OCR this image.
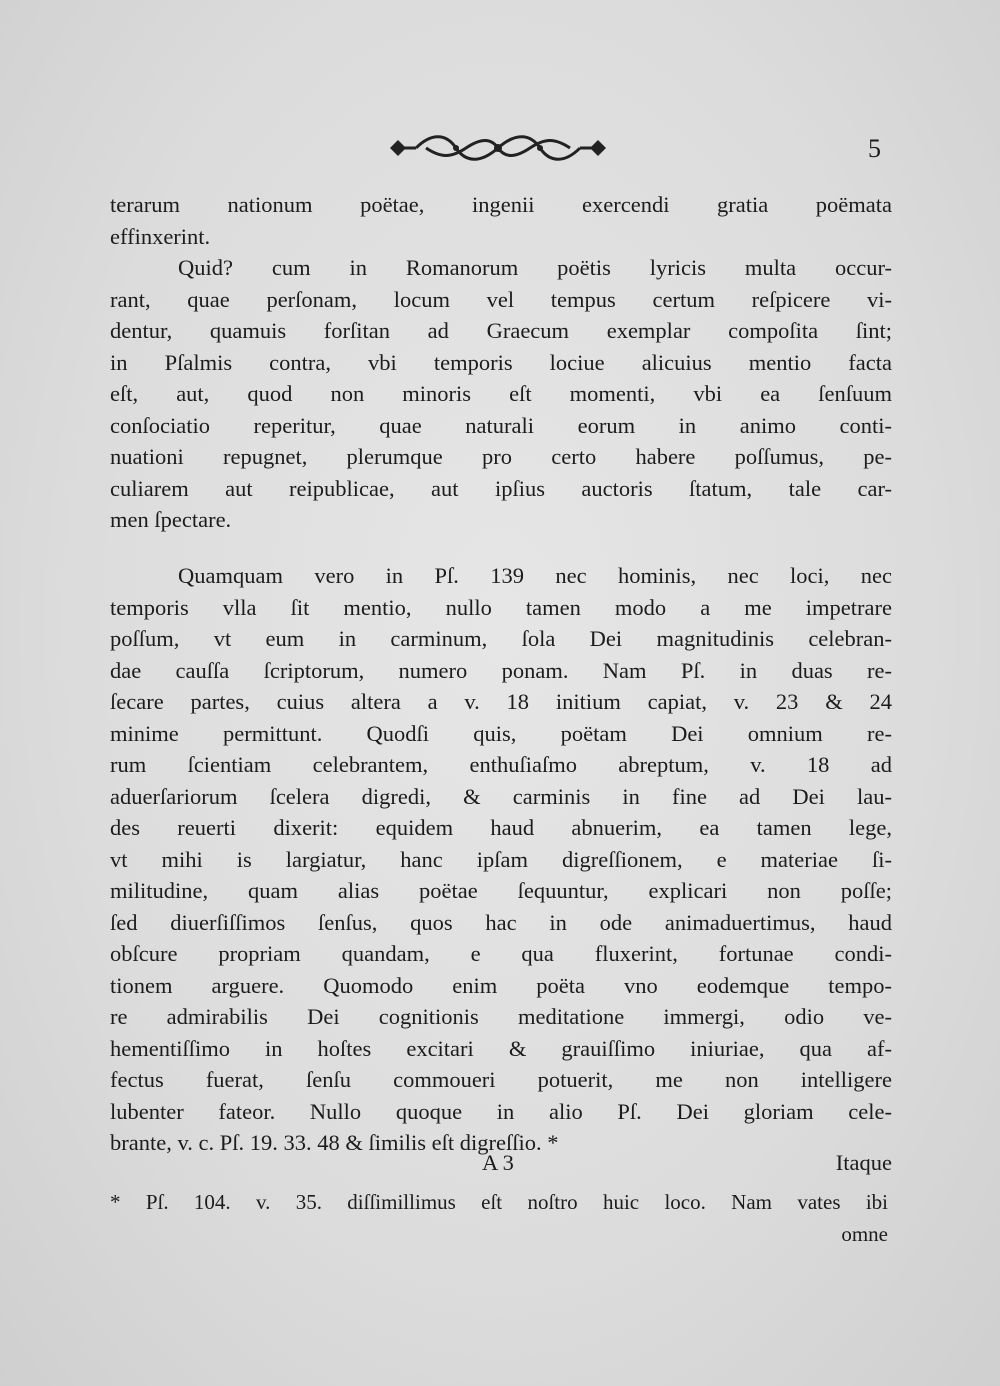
5
terarum nationum poëtae, ingenii exercendi gratia poëmata
effinxerint.
Quid? cum in Romanorum poëtis lyricis multa occur-
rant, quae perſonam, locum vel tempus certum reſpicere vi-
dentur, quamuis forſitan ad Graecum exemplar compoſita ſint;
in Pſalmis contra, vbi temporis lociue alicuius mentio facta
eſt, aut, quod non minoris eſt momenti, vbi ea ſenſuum
conſociatio reperitur, quae naturali eorum in animo conti-
nuationi repugnet, plerumque pro certo habere poſſumus, pe-
culiarem aut reipublicae, aut ipſius auctoris ſtatum, tale car-
men ſpectare.
Quamquam vero in Pſ. 139 nec hominis, nec loci, nec
temporis vlla ſit mentio, nullo tamen modo a me impetrare
poſſum, vt eum in carminum, ſola Dei magnitudinis celebran-
dae cauſſa ſcriptorum, numero ponam. Nam Pſ. in duas re-
ſecare partes, cuius altera a v. 18 initium capiat, v. 23 & 24
minime permittunt. Quodſi quis, poëtam Dei omnium re-
rum ſcientiam celebrantem, enthuſiaſmo abreptum, v. 18 ad
aduerſariorum ſcelera digredi, & carminis in fine ad Dei lau-
des reuerti dixerit: equidem haud abnuerim, ea tamen lege,
vt mihi is largiatur, hanc ipſam digreſſionem, e materiae ſi-
militudine, quam alias poëtae ſequuntur, explicari non poſſe;
ſed diuerſiſſimos ſenſus, quos hac in ode animaduertimus, haud
obſcure propriam quandam, e qua fluxerint, fortunae condi-
tionem arguere. Quomodo enim poëta vno eodemque tempo-
re admirabilis Dei cognitionis meditatione immergi, odio ve-
hementiſſimo in hoſtes excitari & grauiſſimo iniuriae, qua af-
fectus fuerat, ſenſu commoueri potuerit, me non intelligere
lubenter fateor. Nullo quoque in alio Pſ. Dei gloriam cele-
brante, v. c. Pſ. 19. 33. 48 & ſimilis eſt digreſſio. *
A 3	Itaque
* Pſ. 104. v. 35. diſſimillimus eſt noſtro huic loco. Nam vates ibi
omne
